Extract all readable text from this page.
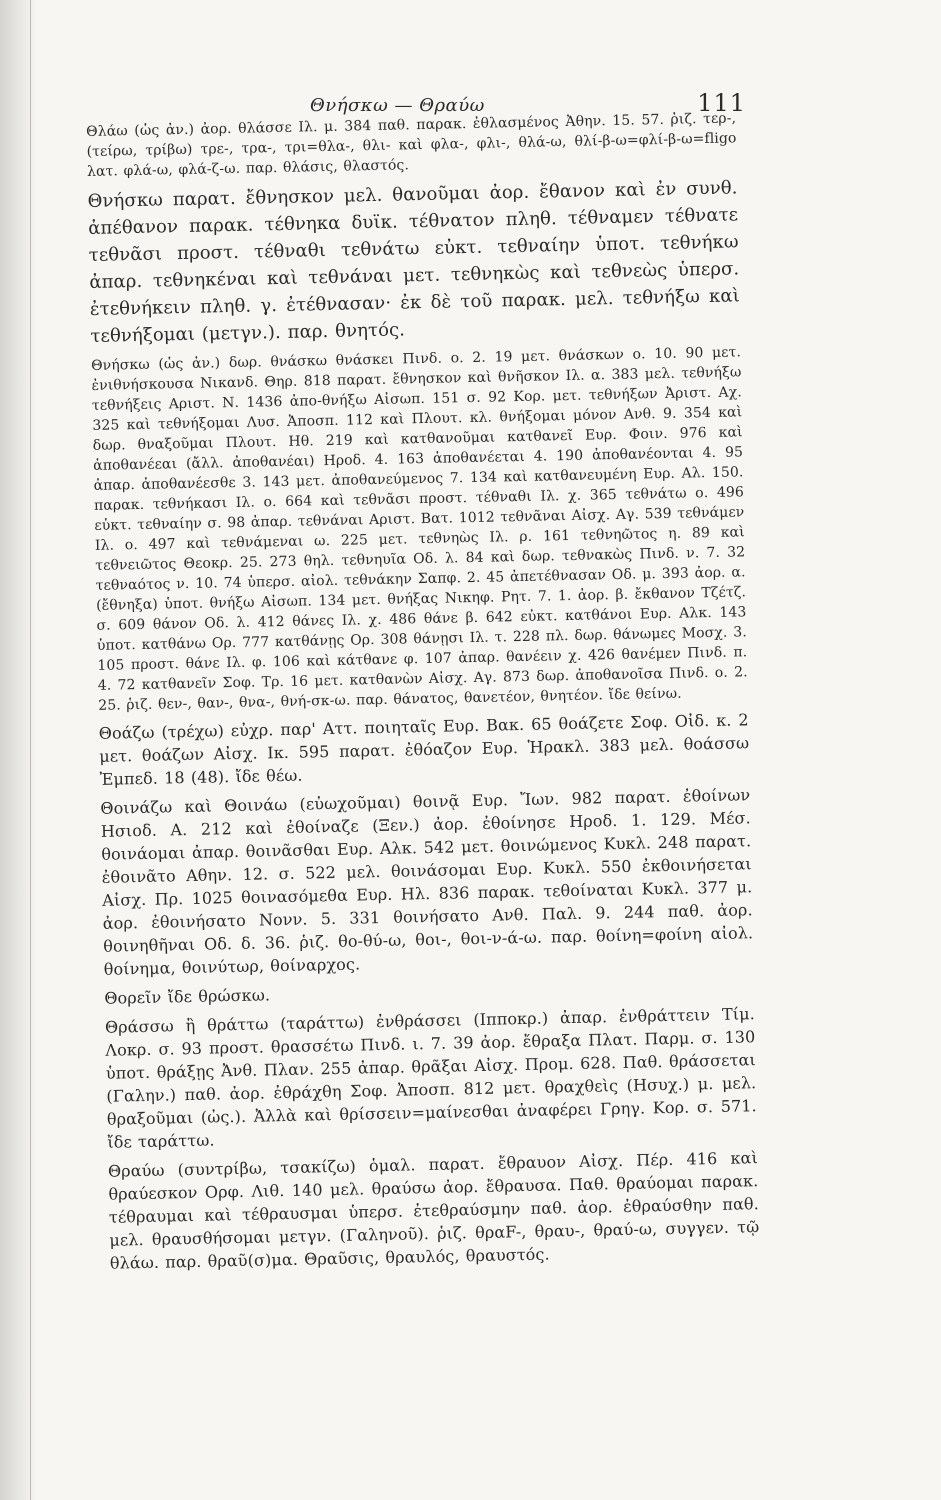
Θνήσκω — Θραύω	111

Θλάω (ὡς ἀν.) ἀορ. θλάσσε Ιλ. μ. 384 παθ. παρακ. ἐθλασμένος Ἀθην. 15. 57. ῥιζ. τερ-, (τείρω, τρίβω) τρε-, τρα-, τρι=θλα-, θλι- καὶ φλα-, φλι-, θλά-ω, θλί-β-ω=φλί-β-ω=fligo λατ. φλά-ω, φλά-ζ-ω. παρ. θλάσις, θλαστός.

Θνήσκω παρατ. ἔθνησκον μελ. θανοῦμαι ἀορ. ἔθανον καὶ ἐν συνθ. ἀπέθανον παρακ. τέθνηκα δυϊκ. τέθνατον πληθ. τέθναμεν τέθνατε τεθνᾶσι προστ. τέθναθι τεθνάτω εὐκτ. τεθναίην ὑποτ. τεθνήκω ἀπαρ. τεθνηκέναι καὶ τεθνάναι μετ. τεθνηκὼς καὶ τεθνεὼς ὑπερσ. ἐτεθνήκειν πληθ. γ. ἐτέθνασαν· ἐκ δὲ τοῦ παρακ. μελ. τεθνήξω καὶ τεθνήξομαι (μετγν.). παρ. θνητός.

Θνήσκω (ὡς ἀν.) δωρ. θνάσκω θνάσκει Πινδ. ο. 2. 19 μετ. θνάσκων ο. 10. 90 μετ. ἐνιθνήσκουσα Νικανδ. Θηρ. 818 παρατ. ἔθνησκον καὶ θνῆσκον Ιλ. α. 383 μελ. τεθνήξω τεθνήξεις Αριστ. Ν. 1436 ἀπο-θνήξω Αἰσωπ. 151 σ. 92 Κορ. μετ. τεθνήξων Ἀριστ. Αχ. 325 καὶ τεθνήξομαι Λυσ. Ἀποσπ. 112 καὶ Πλουτ. κλ. θνήξομαι μόνον Ανθ. 9. 354 καὶ δωρ. θναξοῦμαι Πλουτ. Ηθ. 219 καὶ κατθανοῦμαι κατθανεῖ Ευρ. Φοιν. 976 καὶ ἀποθανέεαι (ἄλλ. ἀποθανέαι) Ηροδ. 4. 163 ἀποθανέεται 4. 190 ἀποθανέονται 4. 95 ἀπαρ. ἀποθανέεσθε 3. 143 μετ. ἀποθανεύμενος 7. 134 καὶ κατθανευμένη Ευρ. Αλ. 150. παρακ. τεθνήκασι Ιλ. ο. 664 καὶ τεθνᾶσι προστ. τέθναθι Ιλ. χ. 365 τεθνάτω ο. 496 εὐκτ. τεθναίην σ. 98 ἀπαρ. τεθνάναι Αριστ. Βατ. 1012 τεθνᾶναι Αἰσχ. Αγ. 539 τεθνάμεν Ιλ. ο. 497 καὶ τεθνάμεναι ω. 225 μετ. τεθνηὼς Ιλ. ρ. 161 τεθνηῶτος η. 89 καὶ τεθνειῶτος Θεοκρ. 25. 273 θηλ. τεθνηυῖα Οδ. λ. 84 καὶ δωρ. τεθνακὼς Πινδ. ν. 7. 32 τεθναότος ν. 10. 74 ὑπερσ. αἰολ. τεθνάκην Σαπφ. 2. 45 ἀπετέθνασαν Οδ. μ. 393 ἀορ. α. (ἔθνηξα) ὑποτ. θνήξω Αἰσωπ. 134 μετ. θνήξας Νικηφ. Ρητ. 7. 1. ἀορ. β. ἔκθανον Τζέτζ. σ. 609 θάνον Οδ. λ. 412 θάνες Ιλ. χ. 486 θάνε β. 642 εὐκτ. κατθάνοι Ευρ. Αλκ. 143 ὑποτ. κατθάνω Ορ. 777 κατθάνῃς Ορ. 308 θάνῃσι Ιλ. τ. 228 πλ. δωρ. θάνωμες Μοσχ. 3. 105 προστ. θάνε Ιλ. φ. 106 καὶ κάτθανε φ. 107 ἀπαρ. θανέειν χ. 426 θανέμεν Πινδ. π. 4. 72 κατθανεῖν Σοφ. Τρ. 16 μετ. κατθανὼν Αἰσχ. Αγ. 873 δωρ. ἀποθανοῖσα Πινδ. ο. 2. 25. ῥιζ. θεν-, θαν-, θνα-, θνή-σκ-ω. παρ. θάνατος, θανετέον, θνητέον. ἴδε θείνω.

Θοάζω (τρέχω) εὐχρ. παρ' Αττ. ποιηταῖς Ευρ. Βακ. 65 θοάζετε Σοφ. Οἰδ. κ. 2 μετ. θοάζων Αἰσχ. Ικ. 595 παρατ. ἐθόαζον Ευρ. Ἡρακλ. 383 μελ. θοάσσω Ἐμπεδ. 18 (48). ἴδε θέω.

Θοινάζω καὶ Θοινάω (εὐωχοῦμαι) θοινᾷ Ευρ. Ἴων. 982 παρατ. ἐθοίνων Ησιοδ. Α. 212 καὶ ἐθοίναζε (Ξεν.) ἀορ. ἐθοίνησε Ηροδ. 1. 129. Μέσ. θοινάομαι ἀπαρ. θοινᾶσθαι Ευρ. Αλκ. 542 μετ. θοινώμενος Κυκλ. 248 παρατ. ἐθοινᾶτο Αθην. 12. σ. 522 μελ. θοινάσομαι Ευρ. Κυκλ. 550 ἐκθοινήσεται Αἰσχ. Πρ. 1025 θοινασόμεθα Ευρ. Ηλ. 836 παρακ. τεθοίναται Κυκλ. 377 μ. ἀορ. ἐθοινήσατο Νονν. 5. 331 θοινήσατο Ανθ. Παλ. 9. 244 παθ. ἀορ. θοινηθῆναι Οδ. δ. 36. ῥιζ. θο-θύ-ω, θοι-, θοι-ν-ά-ω. παρ. θοίνη=φοίνη αἰολ. θοίνημα, θοινύτωρ, θοίναρχος.

Θορεῖν ἴδε θρώσκω.

Θράσσω ἢ θράττω (ταράττω) ἐνθράσσει (Ιπποκρ.) ἀπαρ. ἐνθράττειν Τίμ. Λοκρ. σ. 93 προστ. θρασσέτω Πινδ. ι. 7. 39 ἀορ. ἔθραξα Πλατ. Παρμ. σ. 130 ὑποτ. θράξῃς Ἀνθ. Πλαν. 255 ἀπαρ. θρᾶξαι Αἰσχ. Προμ. 628. Παθ. θράσσεται (Γαλην.) παθ. ἀορ. ἐθράχθη Σοφ. Ἀποσπ. 812 μετ. θραχθεὶς (Ησυχ.) μ. μελ. θραξοῦμαι (ὠς.). Ἀλλὰ καὶ θρίσσειν=μαίνεσθαι ἀναφέρει Γρηγ. Κορ. σ. 571. ἴδε ταράττω.

Θραύω (συντρίβω, τσακίζω) ὁμαλ. παρατ. ἔθραυον Αἰσχ. Πέρ. 416 καὶ θραύεσκον Ορφ. Λιθ. 140 μελ. θραύσω ἀορ. ἔθραυσα. Παθ. θραύομαι παρακ. τέθραυμαι καὶ τέθραυσμαι ὑπερσ. ἐτεθραύσμην παθ. ἀορ. ἐθραύσθην παθ. μελ. θραυσθήσομαι μετγν. (Γαληνοῦ). ῥιζ. θραF-, θραυ-, θραύ-ω, συγγεν. τῷ θλάω. παρ. θραῦ(σ)μα. Θραῦσις, θραυλός, θραυστός.
